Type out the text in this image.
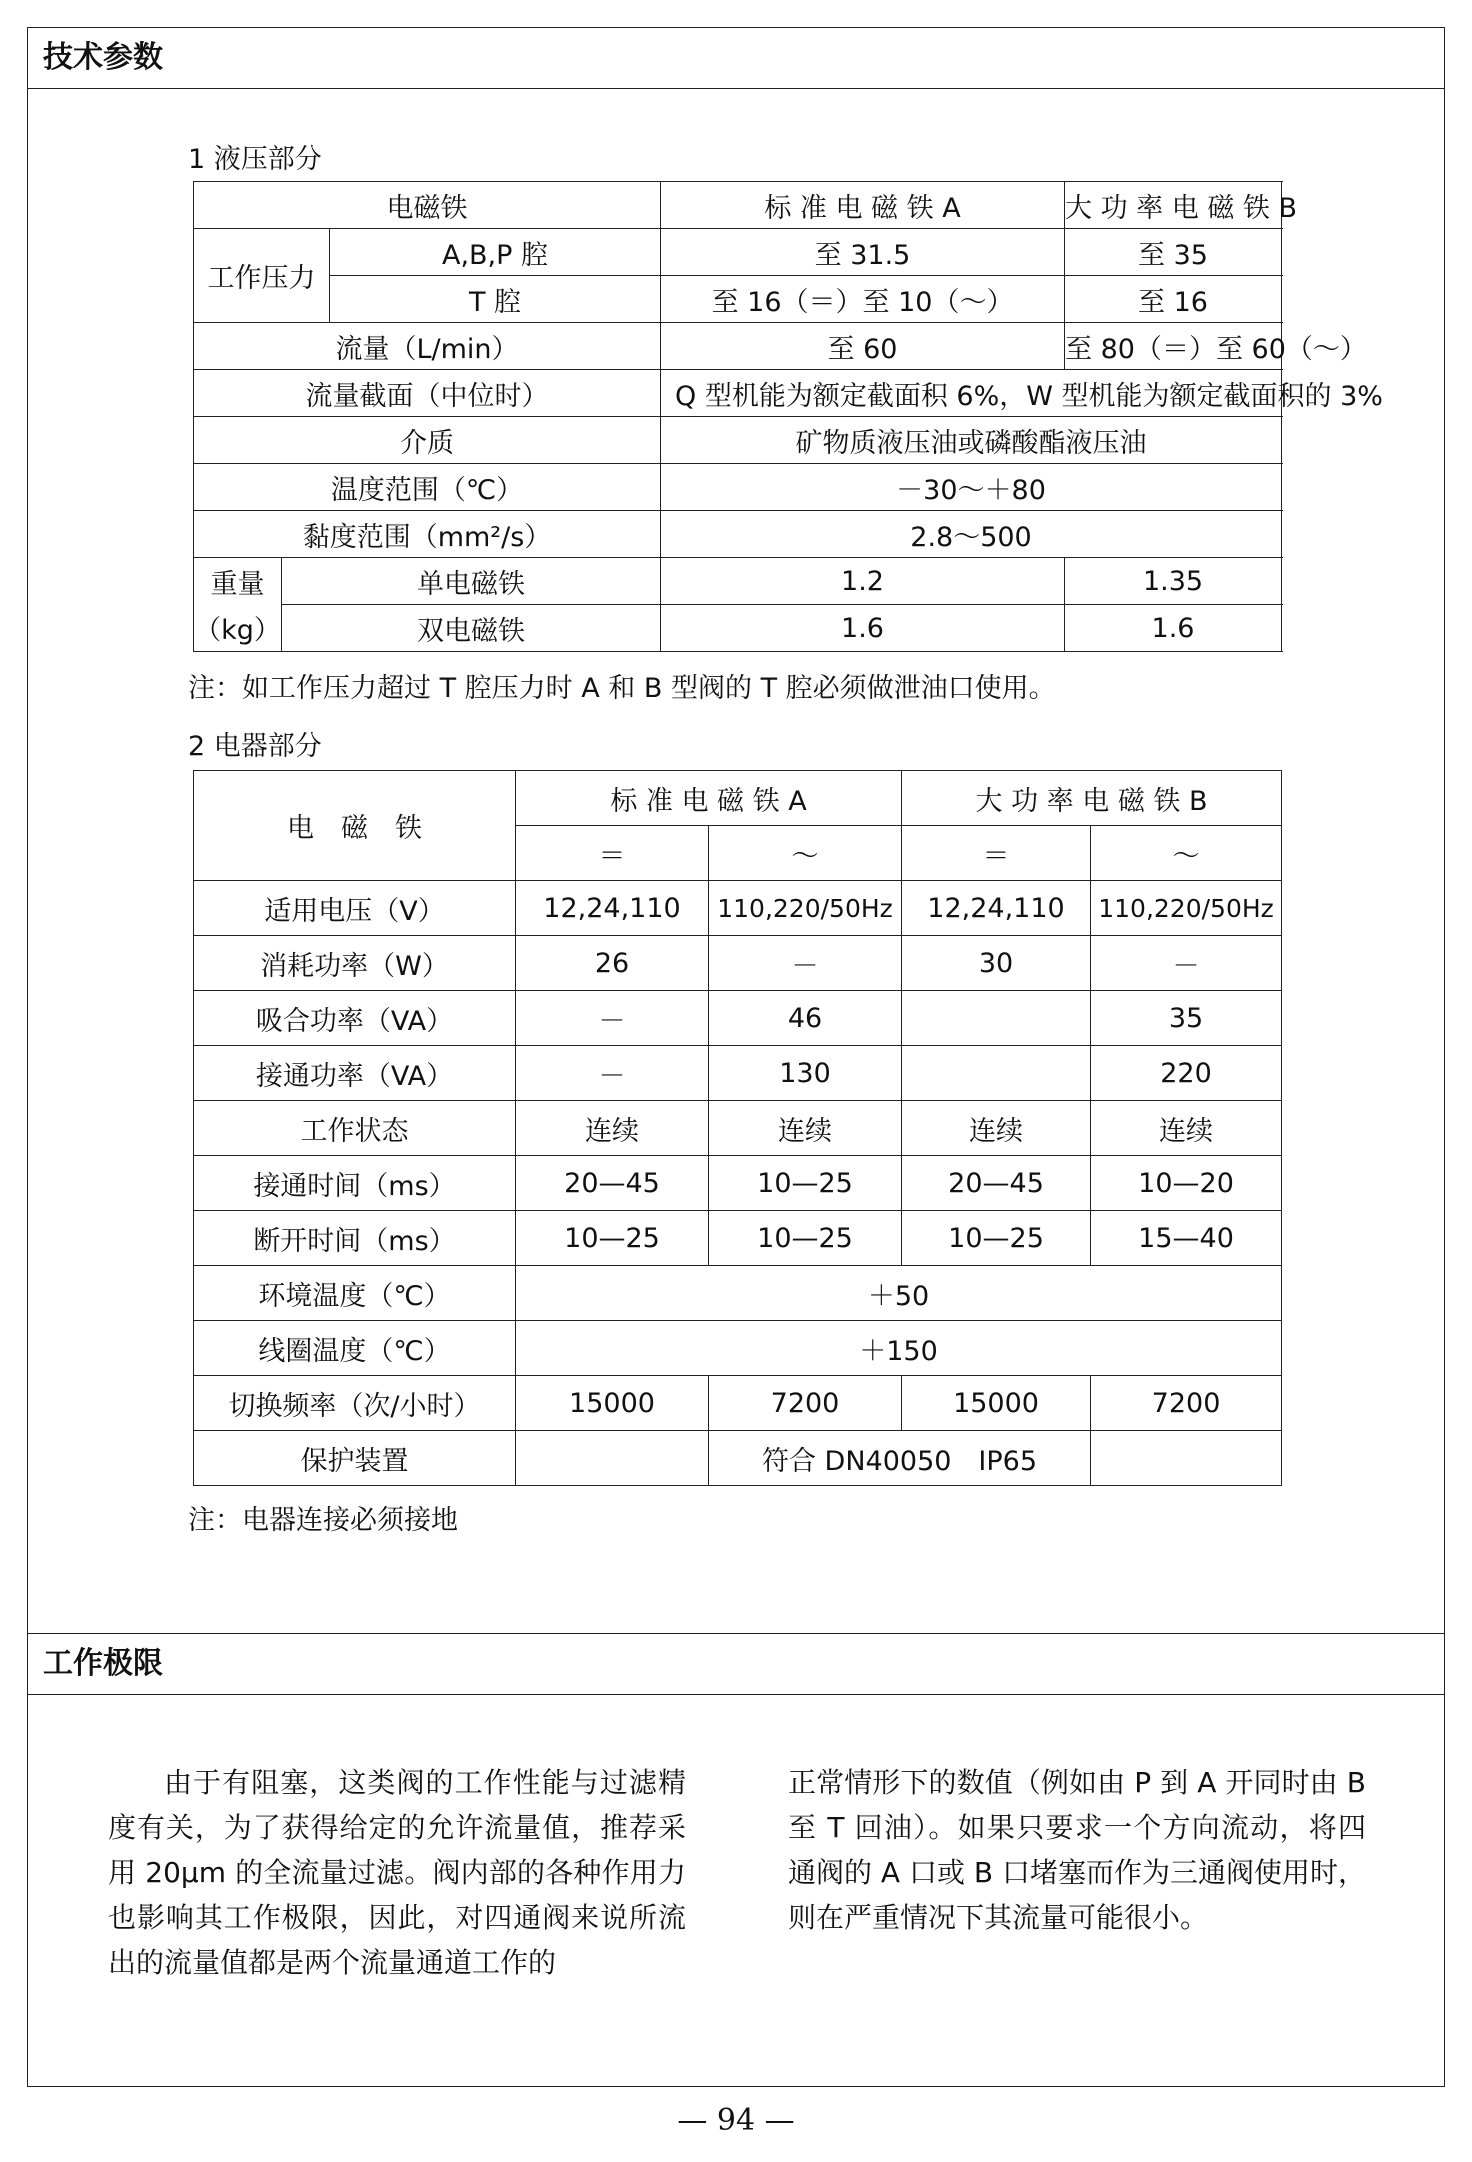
技术参数
1 液压部分
电磁铁			标 准 电 磁 铁 A	大 功 率 电 磁 铁 B
工作压力		A,B,P 腔	至 31.5	至 35
		T 腔	至 16（＝）至 10（～）	至 16
流量（L/min）			至 60	至 80（＝）至 60（～）
流量截面（中位时）			Q 型机能为额定截面积 6%，W 型机能为额定截面积的 3%	
介质			矿物质液压油或磷酸酯液压油	
温度范围（℃）			－30～＋80	
黏度范围（mm²/s）			2.8～500	
重量	单电磁铁		1.2	1.35
（kg）	双电磁铁		1.6	1.6
注：如工作压力超过 T 腔压力时 A 和 B 型阀的 T 腔必须做泄油口使用。
2 电器部分
电　磁　铁	标 准 电 磁 铁 A		大 功 率 电 磁 铁 B	
	＝	～	＝	～
适用电压（V）	12,24,110	110,220/50Hz	12,24,110	110,220/50Hz
消耗功率（W）	26	－	30	－
吸合功率（VA）	－	46		35
接通功率（VA）	－	130		220
工作状态	连续	连续	连续	连续
接通时间（ms）	20—45	10—25	20—45	10—20
断开时间（ms）	10—25	10—25	10—25	15—40
环境温度（℃）	＋50			
线圈温度（℃）	＋150			
切换频率（次/小时）	15000	7200	15000	7200
保护装置		符合 DN40050　IP65		
注：电器连接必须接地
工作极限
由于有阻塞，这类阀的工作性能与过滤精度有关，为了获得给定的允许流量值，推荐采用 20μm 的全流量过滤。阀内部的各种作用力也影响其工作极限，因此，对四通阀来说所流出的流量值都是两个流量通道工作的
正常情形下的数值（例如由 P 到 A 开同时由 B 至 T 回油）。如果只要求一个方向流动，将四通阀的 A 口或 B 口堵塞而作为三通阀使用时，则在严重情况下其流量可能很小。
— 94 —
